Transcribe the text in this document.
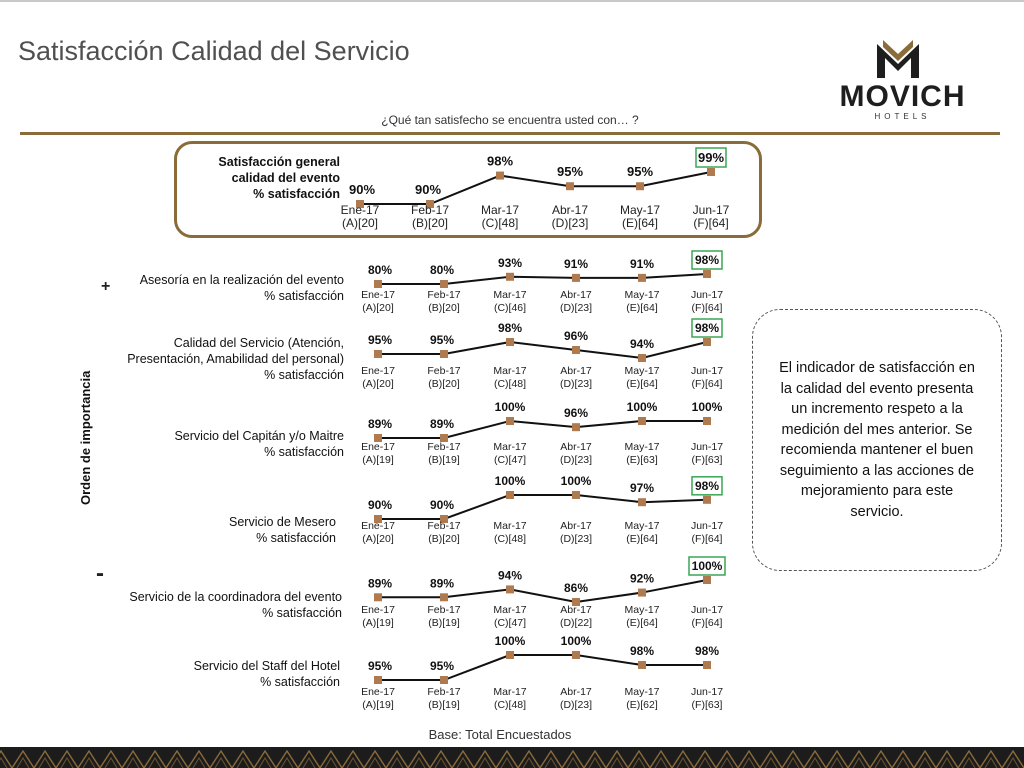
Satisfacción Calidad del Servicio
MOVICH
HOTELS
¿Qué tan satisfecho se encuentra usted con… ?
Satisfacción general
calidad del evento
% satisfacción
Asesoría en la realización del evento
% satisfacción
Calidad del Servicio (Atención,
Presentación, Amabilidad del personal)
% satisfacción
Servicio del Capitán y/o Maitre
% satisfacción
Servicio de Mesero
% satisfacción
Servicio de la coordinadora del evento
% satisfacción
Servicio del Staff del Hotel
% satisfacción
Orden de importancia
+
-
90%
Ene-17
(A)[20]
90%
Feb-17
(B)[20]
98%
Mar-17
(C)[48]
95%
Abr-17
(D)[23]
95%
May-17
(E)[64]
99%
Jun-17
(F)[64]
80%
Ene-17
(A)[20]
80%
Feb-17
(B)[20]
93%
Mar-17
(C)[46]
91%
Abr-17
(D)[23]
91%
May-17
(E)[64]
98%
Jun-17
(F)[64]
95%
Ene-17
(A)[20]
95%
Feb-17
(B)[20]
98%
Mar-17
(C)[48]
96%
Abr-17
(D)[23]
94%
May-17
(E)[64]
98%
Jun-17
(F)[64]
89%
Ene-17
(A)[19]
89%
Feb-17
(B)[19]
100%
Mar-17
(C)[47]
96%
Abr-17
(D)[23]
100%
May-17
(E)[63]
100%
Jun-17
(F)[63]
90%
Ene-17
(A)[20]
90%
Feb-17
(B)[20]
100%
Mar-17
(C)[48]
100%
Abr-17
(D)[23]
97%
May-17
(E)[64]
98%
Jun-17
(F)[64]
89%
Ene-17
(A)[19]
89%
Feb-17
(B)[19]
94%
Mar-17
(C)[47]
86%
Abr-17
(D)[22]
92%
May-17
(E)[64]
100%
Jun-17
(F)[64]
95%
Ene-17
(A)[19]
95%
Feb-17
(B)[19]
100%
Mar-17
(C)[48]
100%
Abr-17
(D)[23]
98%
May-17
(E)[62]
98%
Jun-17
(F)[63]
El indicador de satisfacción en la calidad del evento presenta un incremento respeto a la medición del mes anterior. Se recomienda mantener el buen seguimiento a las acciones de mejoramiento para este servicio.
Base: Total Encuestados
